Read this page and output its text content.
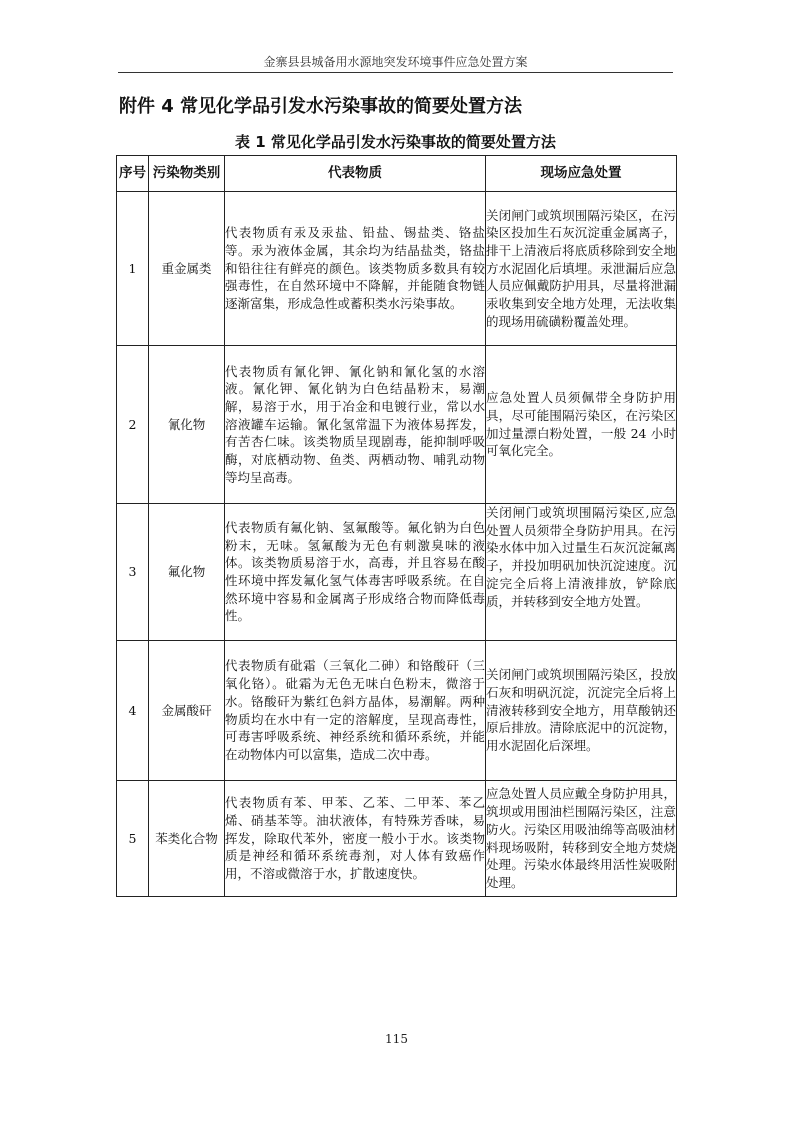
金寨县县城备用水源地突发环境事件应急处置方案
附件 4 常见化学品引发水污染事故的简要处置方法
表 1 常见化学品引发水污染事故的简要处置方法
序号	污染物类别	代表物质	现场应急处置
1	重金属类	代表物质有汞及汞盐、铅盐、锡盐类、铬盐等。汞为液体金属，其余均为结晶盐类，铬盐和铅往往有鲜亮的颜色。该类物质多数具有较强毒性，在自然环境中不降解，并能随食物链逐渐富集，形成急性或蓄积类水污染事故。	关闭闸门或筑坝围隔污染区，在污染区投加生石灰沉淀重金属离子，排干上清液后将底质移除到安全地方水泥固化后填埋。汞泄漏后应急人员应佩戴防护用具，尽量将泄漏汞收集到安全地方处理，无法收集的现场用硫磺粉覆盖处理。
2	氰化物	代表物质有氰化钾、氰化钠和氰化氢的水溶液。氰化钾、氰化钠为白色结晶粉末，易潮解，易溶于水，用于冶金和电镀行业，常以水溶液罐车运输。氰化氢常温下为液体易挥发，有苦杏仁味。该类物质呈现剧毒，能抑制呼吸酶，对底栖动物、鱼类、两栖动物、哺乳动物等均呈高毒。	应急处置人员须佩带全身防护用具，尽可能围隔污染区，在污染区加过量漂白粉处置，一般 24 小时可氧化完全。
3	氟化物	代表物质有氟化钠、氢氟酸等。氟化钠为白色粉末，无味。氢氟酸为无色有刺激臭味的液体。该类物质易溶于水，高毒，并且容易在酸性环境中挥发氟化氢气体毒害呼吸系统。在自然环境中容易和金属离子形成络合物而降低毒性。	关闭闸门或筑坝围隔污染区,应急处置人员须带全身防护用具。在污染水体中加入过量生石灰沉淀氟离子，并投加明矾加快沉淀速度。沉淀完全后将上清液排放，铲除底质，并转移到安全地方处置。
4	金属酸矸	代表物质有砒霜（三氧化二砷）和铬酸矸（三氧化铬）。砒霜为无色无味白色粉末，微溶于水。铬酸矸为紫红色斜方晶体，易潮解。两种物质均在水中有一定的溶解度，呈现高毒性，可毒害呼吸系统、神经系统和循环系统，并能在动物体内可以富集，造成二次中毒。	关闭闸门或筑坝围隔污染区，投放石灰和明矾沉淀，沉淀完全后将上清液转移到安全地方，用草酸钠还原后排放。清除底泥中的沉淀物，用水泥固化后深埋。
5	苯类化合物	代表物质有苯、甲苯、乙苯、二甲苯、苯乙烯、硝基苯等。油状液体，有特殊芳香味，易挥发，除取代苯外，密度一般小于水。该类物质是神经和循环系统毒剂，对人体有致癌作用，不溶或微溶于水，扩散速度快。	应急处置人员应戴全身防护用具，筑坝或用围油栏围隔污染区，注意防火。污染区用吸油绵等高吸油材料现场吸附，转移到安全地方焚烧处理。污染水体最终用活性炭吸附处理。
115
